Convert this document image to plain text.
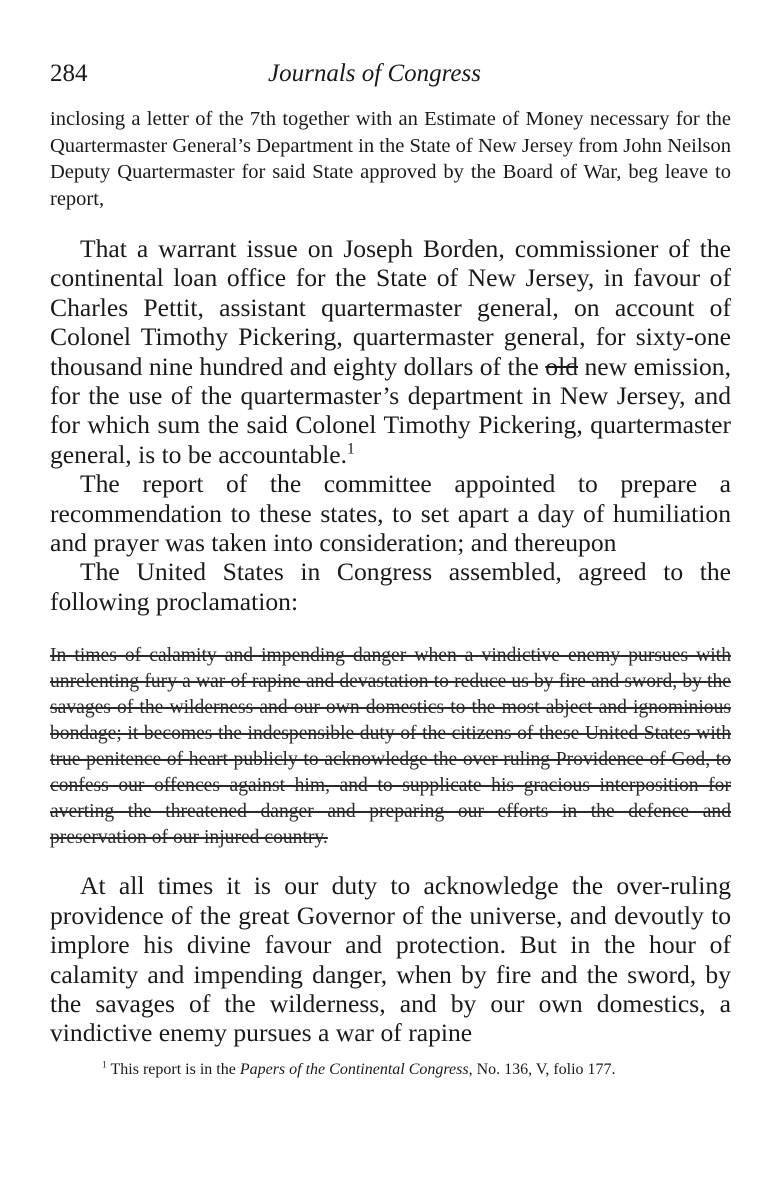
284	Journals of Congress

inclosing a letter of the 7th together with an Estimate of Money necessary for the Quartermaster General’s Department in the State of New Jersey from John Neilson Deputy Quartermaster for said State approved by the Board of War, beg leave to report,

That a warrant issue on Joseph Borden, commissioner of the continental loan office for the State of New Jersey, in favour of Charles Pettit, assistant quartermaster general, on account of Colonel Timothy Pickering, quartermaster general, for sixty-one thousand nine hundred and eighty dollars of the old new emission, for the use of the quartermaster’s department in New Jersey, and for which sum the said Colonel Timothy Pickering, quartermaster general, is to be accountable.$^1$

The report of the committee appointed to prepare a recommendation to these states, to set apart a day of humiliation and prayer was taken into consideration; and thereupon

The United States in Congress assembled, agreed to the following proclamation:

In times of calamity and impending danger when a vindictive enemy pursues with unrelenting fury a war of rapine and devastation to reduce us by fire and sword, by the savages of the wilderness and our own domestics to the most abject and ignominious bondage; it becomes the indespensible duty of the citizens of these United States with true penitence of heart publicly to acknowledge the over ruling Providence of God, to confess our offences against him, and to supplicate his gracious interposition for averting the threatened danger and preparing our efforts in the defence and preservation of our injured country.

At all times it is our duty to acknowledge the over-ruling providence of the great Governor of the universe, and devoutly to implore his divine favour and protection. But in the hour of calamity and impending danger, when by fire and the sword, by the savages of the wilderness, and by our own domestics, a vindictive enemy pursues a war of rapine

$^1$ This report is in the Papers of the Continental Congress, No. 136, V, folio 177.
